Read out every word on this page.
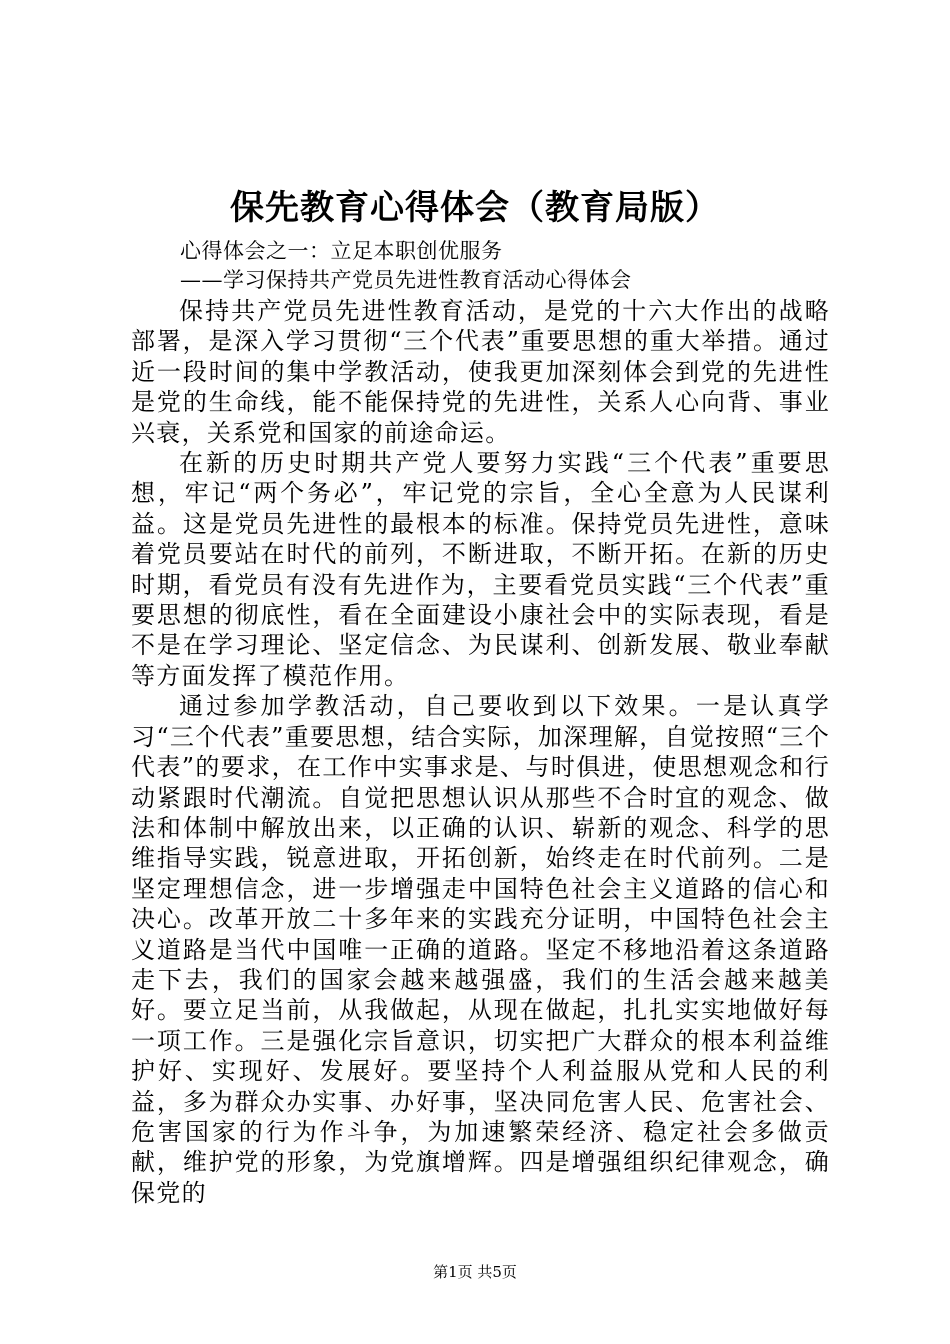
保先教育心得体会（教育局版）
心得体会之一：立足本职创优服务
——学习保持共产党员先进性教育活动心得体会

保持共产党员先进性教育活动，是党的十六大作出的战略部署，是深入学习贯彻“三个代表”重要思想的重大举措。通过近一段时间的集中学教活动，使我更加深刻体会到党的先进性是党的生命线，能不能保持党的先进性，关系人心向背、事业兴衰，关系党和国家的前途命运。

在新的历史时期共产党人要努力实践“三个代表”重要思想，牢记“两个务必”，牢记党的宗旨，全心全意为人民谋利益。这是党员先进性的最根本的标准。保持党员先进性，意味着党员要站在时代的前列，不断进取，不断开拓。在新的历史时期，看党员有没有先进作为，主要看党员实践“三个代表”重要思想的彻底性，看在全面建设小康社会中的实际表现，看是不是在学习理论、坚定信念、为民谋利、创新发展、敬业奉献等方面发挥了模范作用。

通过参加学教活动，自己要收到以下效果。一是认真学习“三个代表”重要思想，结合实际，加深理解，自觉按照“三个代表”的要求，在工作中实事求是、与时俱进，使思想观念和行动紧跟时代潮流。自觉把思想认识从那些不合时宜的观念、做法和体制中解放出来，以正确的认识、崭新的观念、科学的思维指导实践，锐意进取，开拓创新，始终走在时代前列。二是坚定理想信念，进一步增强走中国特色社会主义道路的信心和决心。改革开放二十多年来的实践充分证明，中国特色社会主义道路是当代中国唯一正确的道路。坚定不移地沿着这条道路走下去，我们的国家会越来越强盛，我们的生活会越来越美好。要立足当前，从我做起，从现在做起，扎扎实实地做好每一项工作。三是强化宗旨意识，切实把广大群众的根本利益维护好、实现好、发展好。要坚持个人利益服从党和人民的利益，多为群众办实事、办好事，坚决同危害人民、危害社会、危害国家的行为作斗争，为加速繁荣经济、稳定社会多做贡献，维护党的形象，为党旗增辉。四是增强组织纪律观念，确保党的

第1页 共5页
